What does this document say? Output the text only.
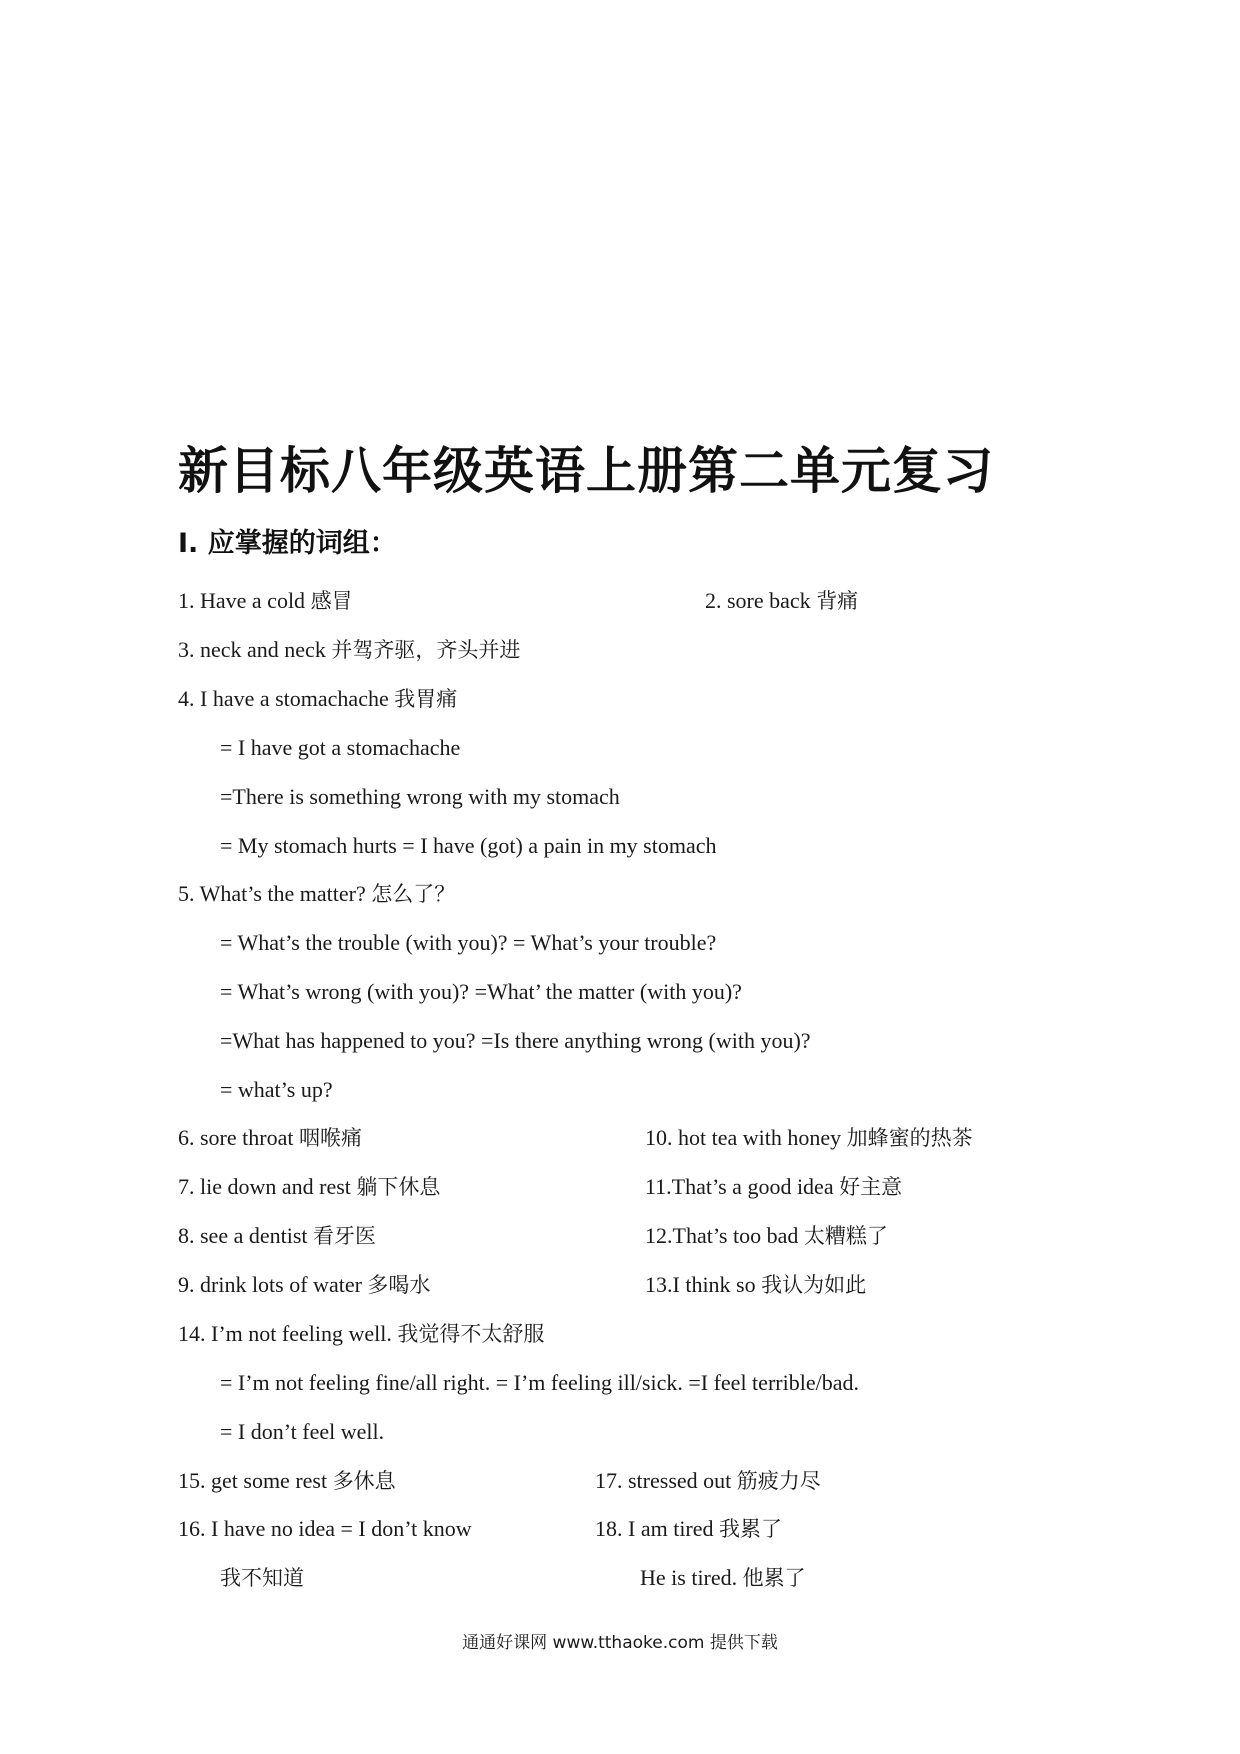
新目标八年级英语上册第二单元复习
I. 应掌握的词组：
1. Have a cold 感冒	2. sore back 背痛
3. neck and neck 并驾齐驱，齐头并进
4. I have a stomachache 我胃痛
= I have got a stomachache
=There is something wrong with my stomach
= My stomach hurts = I have (got) a pain in my stomach
5. What’s the matter? 怎么了？
= What’s the trouble (with you)? = What’s your trouble?
= What’s wrong (with you)? =What’ the matter (with you)?
=What has happened to you? =Is there anything wrong (with you)?
= what’s up?
6. sore throat 咽喉痛	10. hot tea with honey 加蜂蜜的热茶
7. lie down and rest 躺下休息	11.That’s a good idea 好主意
8. see a dentist 看牙医	12.That’s too bad 太糟糕了
9. drink lots of water 多喝水	13.I think so 我认为如此
14. I’m not feeling well. 我觉得不太舒服
= I’m not feeling fine/all right. = I’m feeling ill/sick. =I feel terrible/bad.
= I don’t feel well.
15. get some rest 多休息	17. stressed out 筋疲力尽
16. I have no idea = I don’t know	18. I am tired 我累了
我不知道	He is tired. 他累了
通通好课网 www.tthaoke.com 提供下载
